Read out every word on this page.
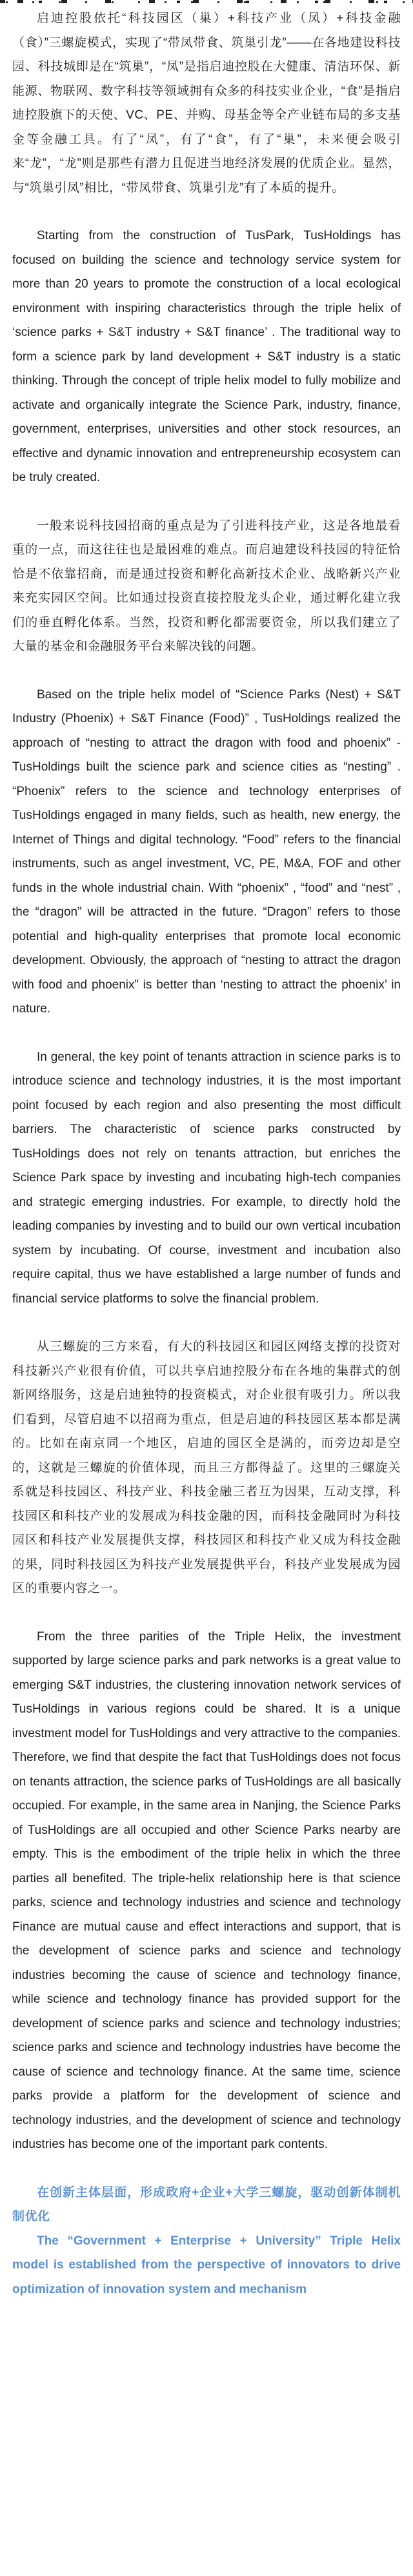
启迪控股依托“科技园区（巢）+科技产业（凤）+科技金融（食）”三螺旋模式，实现了“带凤带食、筑巢引龙”——在各地建设科技园、科技城即是在“筑巢”，“凤”是指启迪控股在大健康、清洁环保、新能源、物联网、数字科技等领域拥有众多的科技实业企业，“食”是指启迪控股旗下的天使、VC、PE、并购、母基金等全产业链布局的多支基金等金融工具。有了“凤”，有了“食”，有了“巢”，未来便会吸引来“龙”，“龙”则是那些有潜力且促进当地经济发展的优质企业。显然，与“筑巢引凤”相比，“带凤带食、筑巢引龙”有了本质的提升。

Starting from the construction of TusPark, TusHoldings has focused on building the science and technology service system for more than 20 years to promote the construction of a local ecological environment with inspiring characteristics through the triple helix of ‘science parks + S&T industry + S&T finance’ . The traditional way to form a science park by land development + S&T industry is a static thinking. Through the concept of triple helix model to fully mobilize and activate and organically integrate the Science Park, industry, finance, government, enterprises, universities and other stock resources, an effective and dynamic innovation and entrepreneurship ecosystem can be truly created.

一般来说科技园招商的重点是为了引进科技产业，这是各地最看重的一点，而这往往也是最困难的难点。而启迪建设科技园的特征恰恰是不依靠招商，而是通过投资和孵化高新技术企业、战略新兴产业来充实园区空间。比如通过投资直接控股龙头企业，通过孵化建立我们的垂直孵化体系。当然，投资和孵化都需要资金，所以我们建立了大量的基金和金融服务平台来解决钱的问题。

Based on the triple helix model of “Science Parks (Nest) + S&T Industry (Phoenix) + S&T Finance (Food)” , TusHoldings realized the approach of “nesting to attract the dragon with food and phoenix” -TusHoldings built the science park and science cities as “nesting” . “Phoenix” refers to the science and technology enterprises of TusHoldings engaged in many fields, such as health, new energy, the Internet of Things and digital technology. “Food” refers to the financial instruments, such as angel investment, VC, PE, M&A, FOF and other funds in the whole industrial chain. With “phoenix” , “food” and “nest” , the “dragon” will be attracted in the future. “Dragon” refers to those potential and high-quality enterprises that promote local economic development. Obviously, the approach of “nesting to attract the dragon with food and phoenix” is better than ‘nesting to attract the phoenix’ in nature.

In general, the key point of tenants attraction in science parks is to introduce science and technology industries, it is the most important point focused by each region and also presenting the most difficult barriers. The characteristic of science parks constructed by TusHoldings does not rely on tenants attraction, but enriches the Science Park space by investing and incubating high-tech companies and strategic emerging industries. For example, to directly hold the leading companies by investing and to build our own vertical incubation system by incubating. Of course, investment and incubation also require capital, thus we have established a large number of funds and financial service platforms to solve the financial problem.

从三螺旋的三方来看，有大的科技园区和园区网络支撑的投资对科技新兴产业很有价值，可以共享启迪控股分布在各地的集群式的创新网络服务，这是启迪独特的投资模式，对企业很有吸引力。所以我们看到，尽管启迪不以招商为重点，但是启迪的科技园区基本都是满的。比如在南京同一个地区，启迪的园区全是满的，而旁边却是空的，这就是三螺旋的价值体现，而且三方都得益了。这里的三螺旋关系就是科技园区、科技产业、科技金融三者互为因果，互动支撑，科技园区和科技产业的发展成为科技金融的因，而科技金融同时为科技园区和科技产业发展提供支撑，科技园区和科技产业又成为科技金融的果，同时科技园区为科技产业发展提供平台，科技产业发展成为园区的重要内容之一。

From the three parities of the Triple Helix, the investment supported by large science parks and park networks is a great value to emerging S&T industries, the clustering innovation network services of TusHoldings in various regions could be shared. It is a unique investment model for TusHoldings and very attractive to the companies. Therefore, we find that despite the fact that TusHoldings does not focus on tenants attraction, the science parks of TusHoldings are all basically occupied. For example, in the same area in Nanjing, the Science Parks of TusHoldings are all occupied and other Science Parks nearby are empty. This is the embodiment of the triple helix in which the three parties all benefited. The triple-helix relationship here is that science parks, science and technology industries and science and technology Finance are mutual cause and effect interactions and support, that is the development of science parks and science and technology industries becoming the cause of science and technology finance, while science and technology finance has provided support for the development of science parks and science and technology industries; science parks and science and technology industries have become the cause of science and technology finance. At the same time, science parks provide a platform for the development of science and technology industries, and the development of science and technology industries has become one of the important park contents.

在创新主体层面，形成政府+企业+大学三螺旋，驱动创新体制机制优化

The “Government + Enterprise + University” Triple Helix model is established from the perspective of innovators to drive optimization of innovation system and mechanism
